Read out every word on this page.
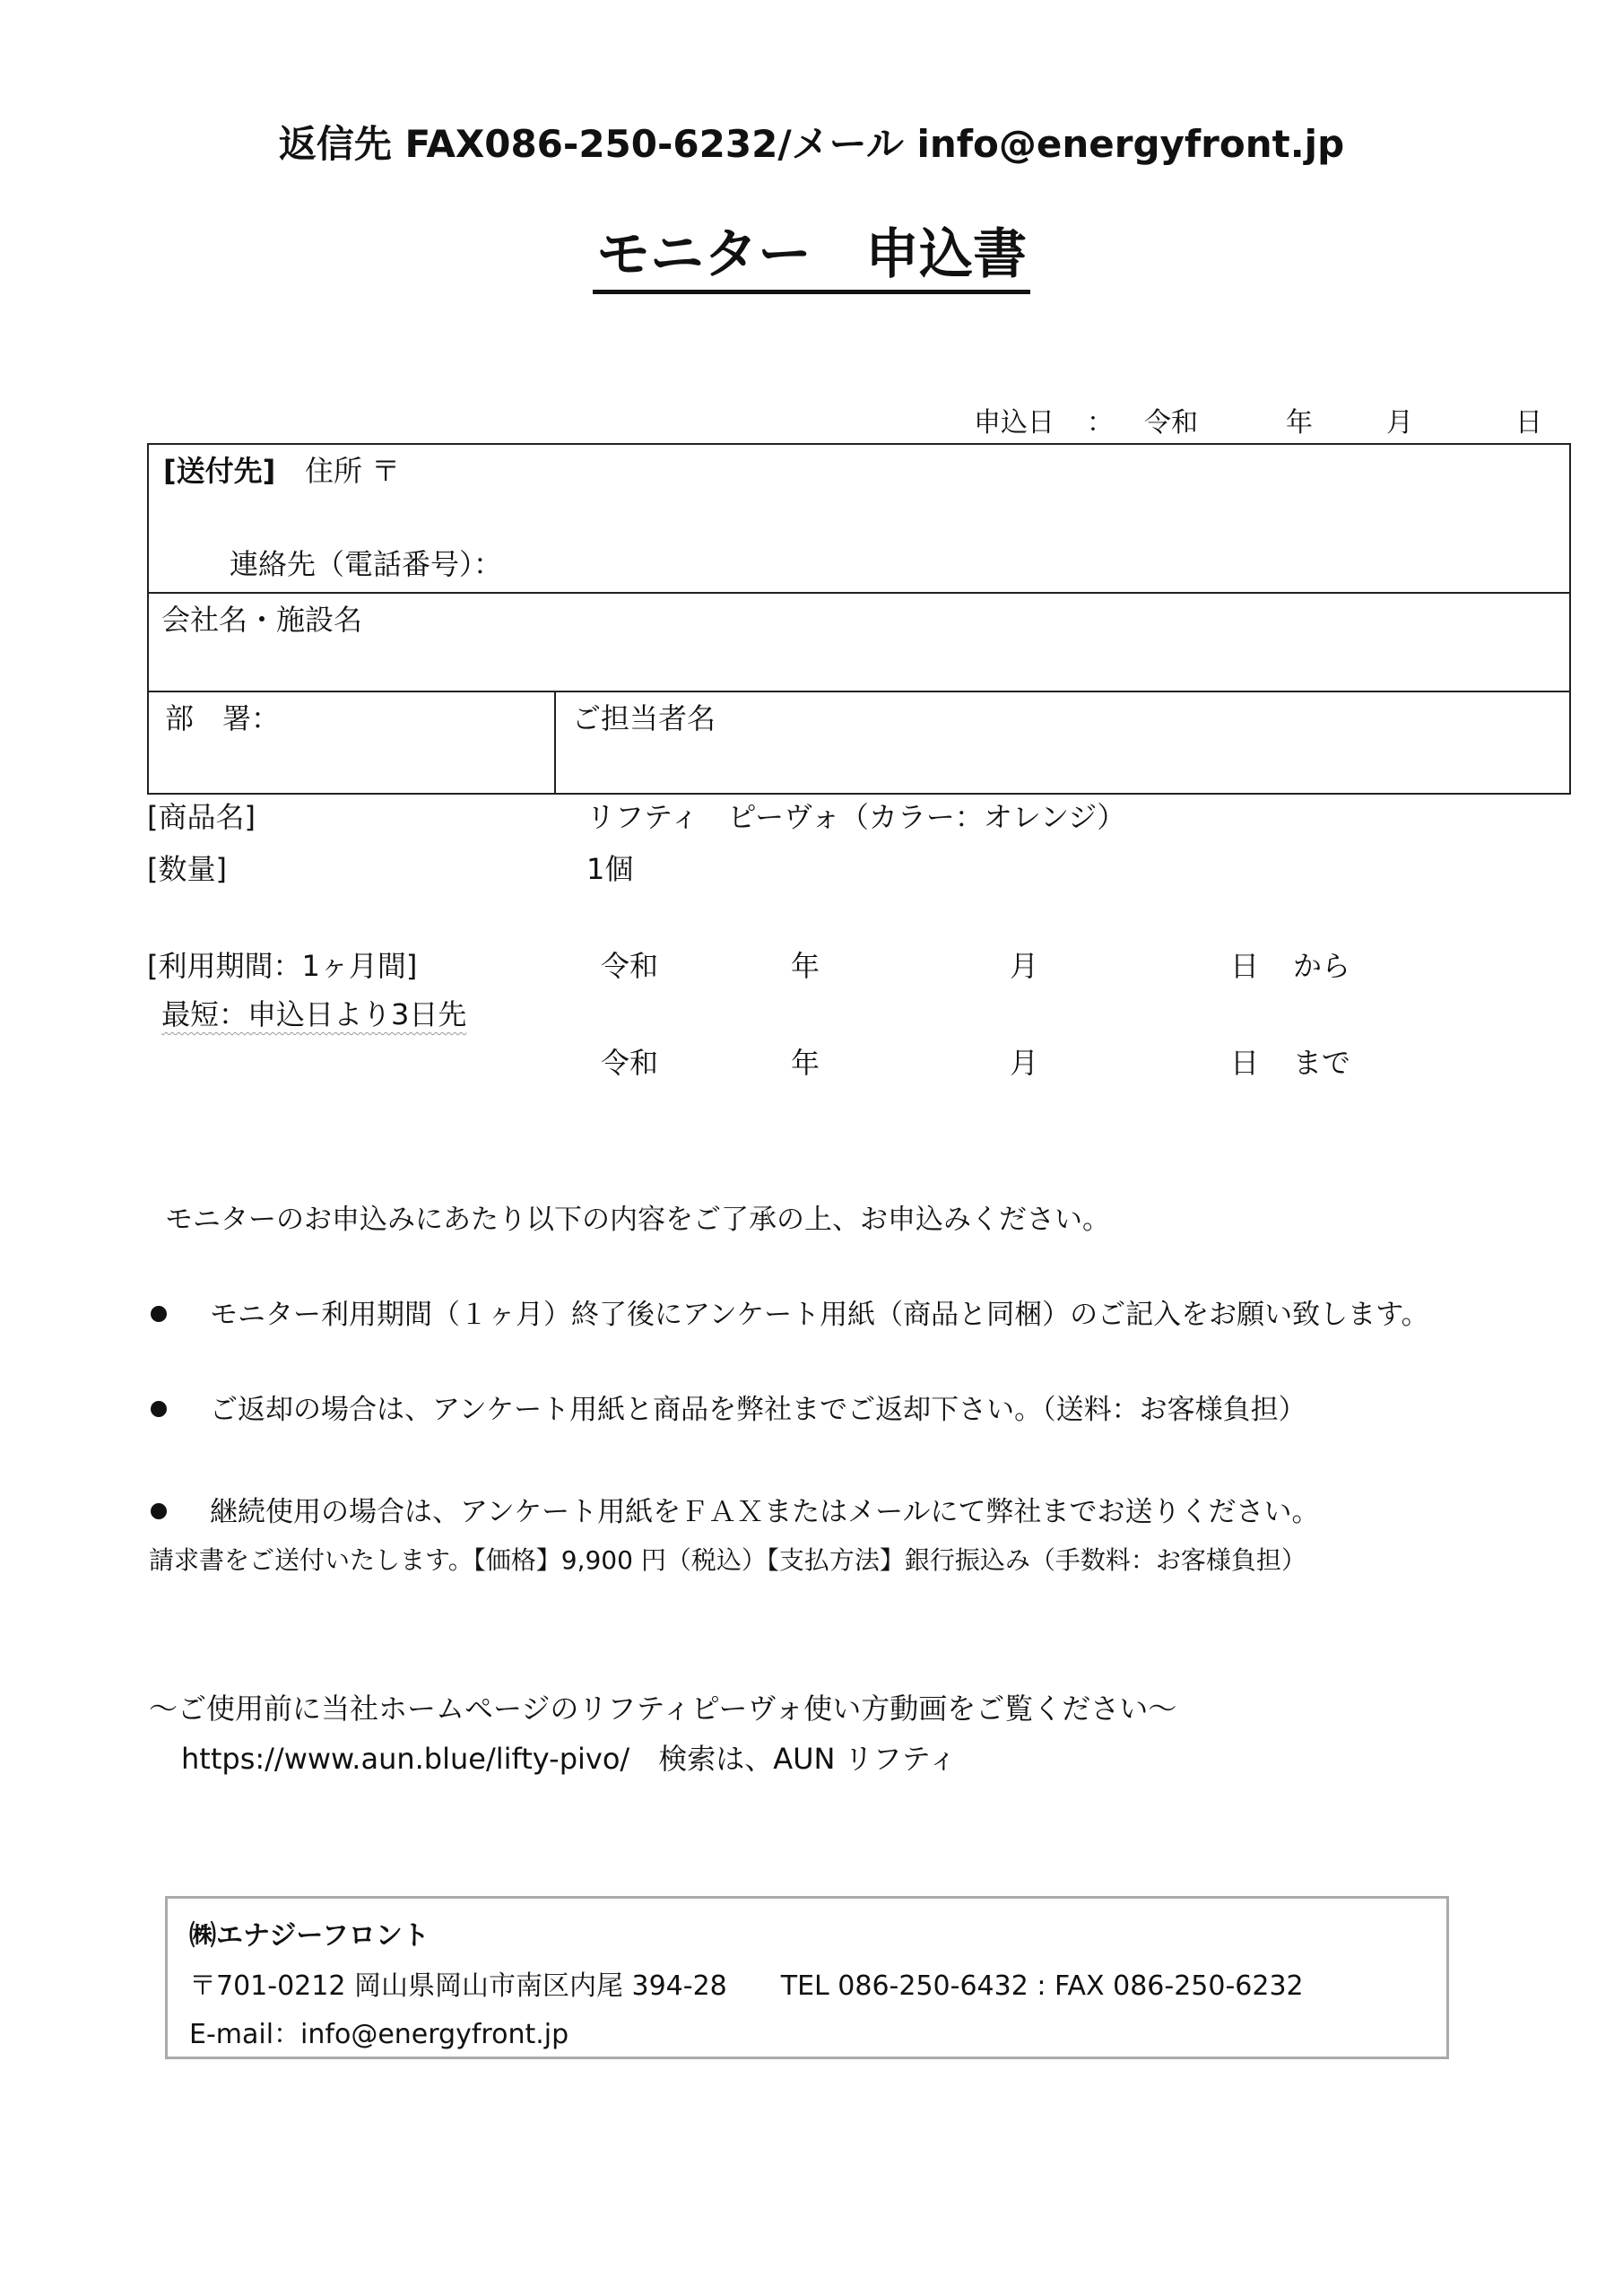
返信先 FAX086-250-6232/メール info@energyfront.jp
モニター　申込書
申込日 ： 令和	年	月	日
[送付先] 住所 〒
連絡先（電話番号）：
会社名・施設名
部　署：	ご担当者名
[商品名]	リフティ　ピーヴォ（カラー：オレンジ）
[数量]	1個
[利用期間：1ヶ月間]
最短：申込日より3日先
令和	年	月	日 から
令和	年	月	日 まで
モニターのお申込みにあたり以下の内容をご了承の上、お申込みください。
モニター利用期間（１ヶ月）終了後にアンケート用紙（商品と同梱）のご記入をお願い致します。
ご返却の場合は、アンケート用紙と商品を弊社までご返却下さい。（送料：お客様負担）
継続使用の場合は、アンケート用紙をＦＡＸまたはメールにて弊社までお送りください。
請求書をご送付いたします。【価格】9,900 円（税込）【支払方法】銀行振込み（手数料：お客様負担）
～ご使用前に当社ホームページのリフティピーヴォ使い方動画をご覧ください～
https://www.aun.blue/lifty-pivo/　検索は、AUN リフティ
㈱エナジーフロント
〒701-0212 岡山県岡山市南区内尾 394-28　　TEL 086-250-6432 : FAX 086-250-6232
E-mail：info@energyfront.jp
